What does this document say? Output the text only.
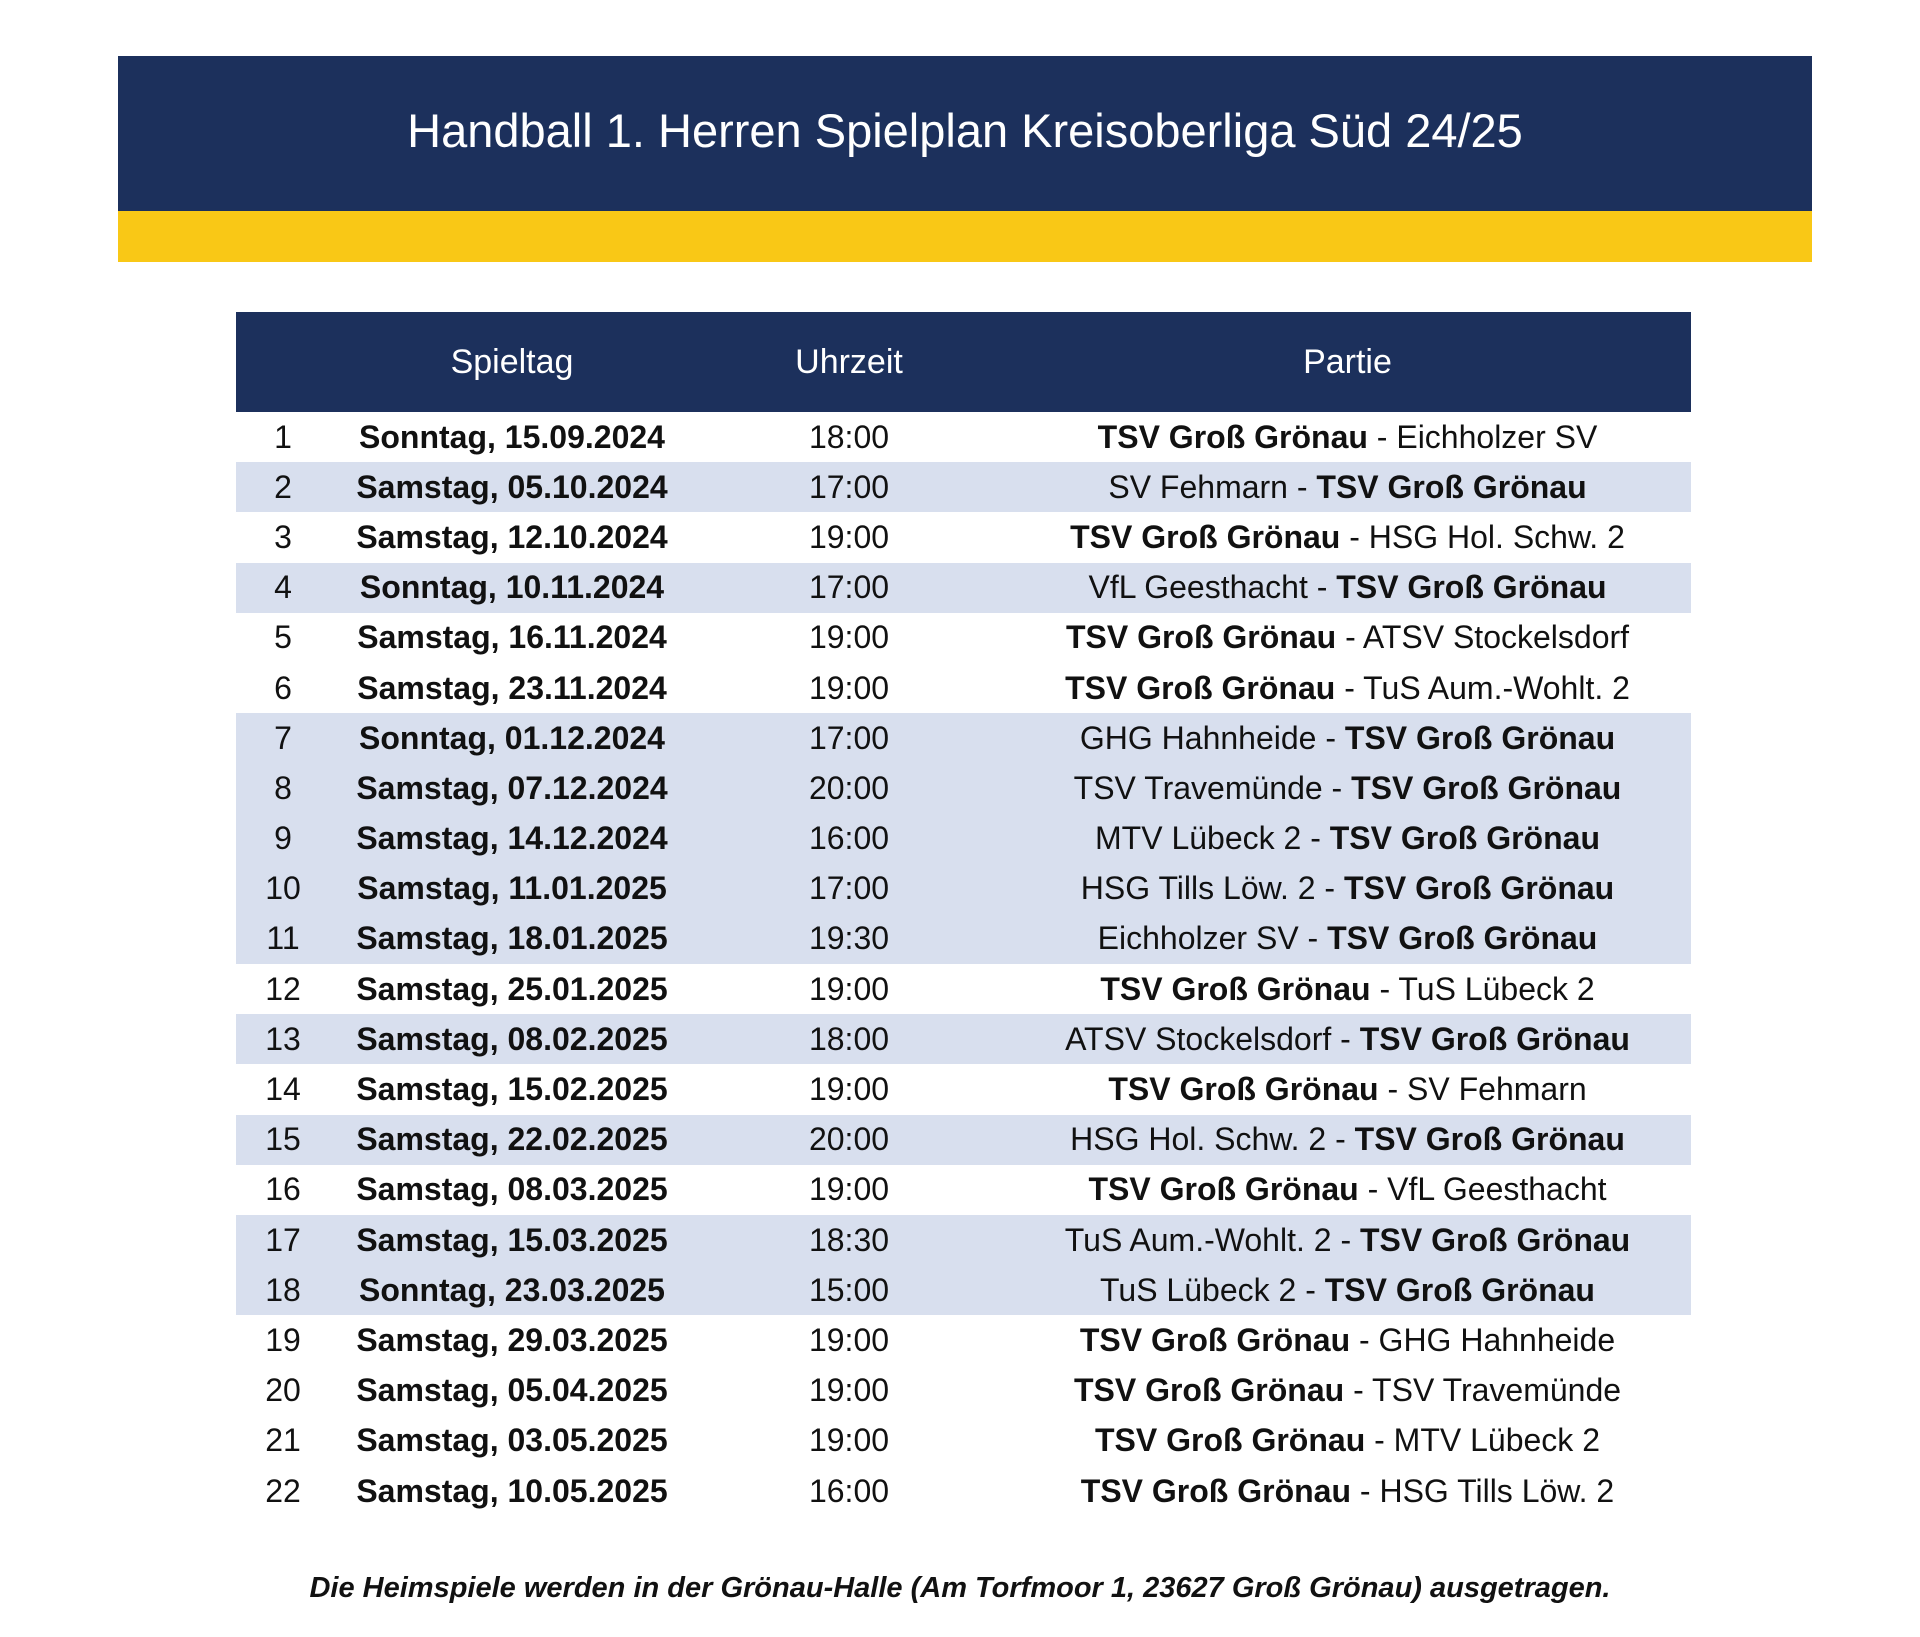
Handball 1. Herren Spielplan Kreisoberliga Süd 24/25
	Spieltag	Uhrzeit	Partie
1	Sonntag, 15.09.2024	18:00	TSV Groß Grönau - Eichholzer SV
2	Samstag, 05.10.2024	17:00	SV Fehmarn - TSV Groß Grönau
3	Samstag, 12.10.2024	19:00	TSV Groß Grönau - HSG Hol. Schw. 2
4	Sonntag, 10.11.2024	17:00	VfL Geesthacht - TSV Groß Grönau
5	Samstag, 16.11.2024	19:00	TSV Groß Grönau - ATSV Stockelsdorf
6	Samstag, 23.11.2024	19:00	TSV Groß Grönau - TuS Aum.-Wohlt. 2
7	Sonntag, 01.12.2024	17:00	GHG Hahnheide - TSV Groß Grönau
8	Samstag, 07.12.2024	20:00	TSV Travemünde - TSV Groß Grönau
9	Samstag, 14.12.2024	16:00	MTV Lübeck 2 - TSV Groß Grönau
10	Samstag, 11.01.2025	17:00	HSG Tills Löw. 2 - TSV Groß Grönau
11	Samstag, 18.01.2025	19:30	Eichholzer SV - TSV Groß Grönau
12	Samstag, 25.01.2025	19:00	TSV Groß Grönau - TuS Lübeck 2
13	Samstag, 08.02.2025	18:00	ATSV Stockelsdorf - TSV Groß Grönau
14	Samstag, 15.02.2025	19:00	TSV Groß Grönau - SV Fehmarn
15	Samstag, 22.02.2025	20:00	HSG Hol. Schw. 2 - TSV Groß Grönau
16	Samstag, 08.03.2025	19:00	TSV Groß Grönau - VfL Geesthacht
17	Samstag, 15.03.2025	18:30	TuS Aum.-Wohlt. 2 - TSV Groß Grönau
18	Sonntag, 23.03.2025	15:00	TuS Lübeck 2 - TSV Groß Grönau
19	Samstag, 29.03.2025	19:00	TSV Groß Grönau - GHG Hahnheide
20	Samstag, 05.04.2025	19:00	TSV Groß Grönau - TSV Travemünde
21	Samstag, 03.05.2025	19:00	TSV Groß Grönau - MTV Lübeck 2
22	Samstag, 10.05.2025	16:00	TSV Groß Grönau - HSG Tills Löw. 2
Die Heimspiele werden in der Grönau-Halle (Am Torfmoor 1, 23627 Groß Grönau) ausgetragen.
